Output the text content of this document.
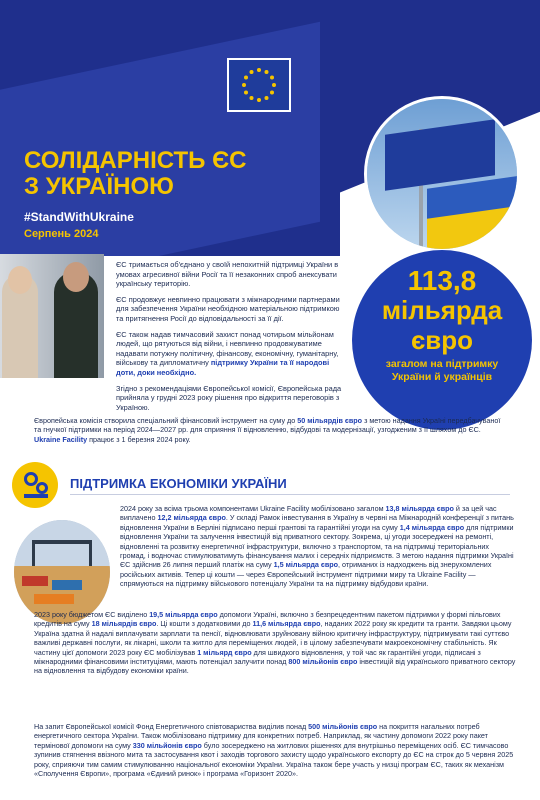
СОЛІДАРНІСТЬ ЄС
З УКРАЇНОЮ
#StandWithUkraine
Серпень 2024

ЄС тримається об'єднано у своїй непохитній підтримці України в умовах агресивної війни Росії та її незаконних спроб анексувати українську територію.

ЄС продовжує невпинно працювати з міжнародними партнерами для забезпечення України необхідною матеріальною підтримкою та притягнення Росії до відповідальності за її дії.

ЄС також надав тимчасовий захист понад чотирьом мільйонам людей, що рятуються від війни, і невпинно продовжуватиме надавати потужну політичну, фінансову, економічну, гуманітарну, військову та дипломатичну підтримку України та її народові доти, доки необхідно.

Згідно з рекомендаціями Європейської комісії, Європейська рада прийняла у грудні 2023 року рішення про відкриття переговорів з Україною.

113,8
мільярда
євро
загалом на підтримку України й українців
Європейська комісія створила спеціальний фінансовий інструмент на суму до 50 мільярдів євро з метою надання Україні передбачуваної та гнучкої підтримки на період 2024—2027 рр. для сприяння її відновленню, відбудові та модернізації, узгодженим з її шляхом до ЄС. Ukraine Facility працює з 1 березня 2024 року.
ПІДТРИМКА ЕКОНОМІКИ УКРАЇНИ
2024 року за всіма трьома компонентами Ukraine Facility мобілізовано загалом 13,8 мільярда євро й за цей час виплачено 12,2 мільярда євро. У складі Рамок інвестування в Україну в червні на Міжнародній конференції з питань відновлення України в Берліні підписано перші грантові та гарантійні угоди на суму 1,4 мільярда євро для підтримки відновлення України та залучення інвестицій від приватного сектору. Зокрема, ці угоди зосереджені на ремонті, відновленні та розвитку енергетичної інфраструктури, включно з транспортом, та на підтримці територіальних громад, і водночас стимулюватимуть фінансування малих і середніх підприємств. З метою надання підтримки Україні ЄС здійснив 26 липня перший платіж на суму 1,5 мільярда євро, отриманих із надходжень від знерухомлених російських активів. Тепер ці кошти — через Європейський інструмент підтримки миру та Ukraine Facility — спрямуються на підтримку військового потенціалу України та на підтримку відбудови країни.
2023 року бюджетом ЄС виділено 19,5 мільярда євро допомоги Україні, включно з безпрецедентним пакетом підтримки у формі пільгових кредитів на суму 18 мільярдів євро. Ці кошти з додатковими до 11,6 мільярда євро, наданих 2022 року як кредити та гранти. Завдяки цьому Україна здатна й надалі виплачувати зарплати та пенсії, відновлювати зруйновану війною критичну інфраструктуру, підтримувати такі суттєво важливі державні послуги, як лікарні, школи та житло для переміщених людей, і в цілому забезпечувати макроекономічну стабільність. Як частину цієї допомоги 2023 року ЄС мобілізував 1 мільярд євро для швидкого відновлення, у той час як гарантійні угоди, підписані з міжнародними фінансовими інституціями, мають потенціал залучити понад 800 мільйонів євро інвестицій від українського приватного сектору на відновлення та відбудову економіки країни.
На запит Європейської комісії Фонд Енергетичного співтовариства виділив понад 500 мільйонів євро на покриття нагальних потреб енергетичного сектора України. Також мобілізовано підтримку для конкретних потреб. Наприклад, як частину допомоги 2022 року пакет термінової допомоги на суму 330 мільйонів євро було зосереджено на житлових рішеннях для внутрішньо переміщених осіб. ЄС тимчасово зупинив стягнення ввізного мита та застосування квот і заходів торгового захисту щодо українського експорту до ЄС на строк до 5 червня 2025 року, сприяючи тим самим стимулюванню національної економіки України. Україна також бере участь у низці програм ЄС, таких як механізм «Сполучення Європи», програма «Єдиний ринок» і програма «Горизонт 2020».
